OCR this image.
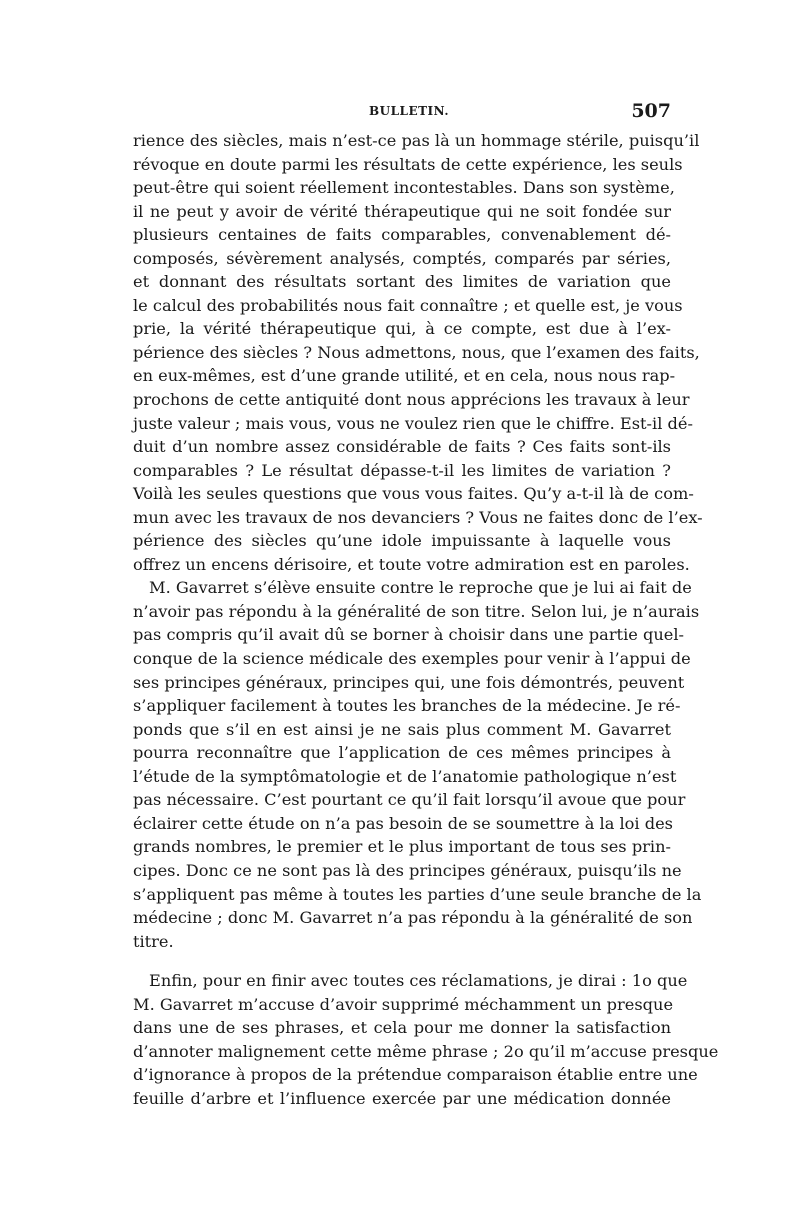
BULLETIN.	507
rience des siècles, mais n’est-ce pas là un hommage stérile, puisqu’il
révoque en doute parmi les résultats de cette expérience, les seuls
peut-être qui soient réellement incontestables. Dans son système,
il ne peut y avoir de vérité thérapeutique qui ne soit fondée sur
plusieurs centaines de faits comparables, convenablement dé-
composés, sévèrement analysés, comptés, comparés par séries,
et donnant des résultats sortant des limites de variation que
le calcul des probabilités nous fait connaître ; et quelle est, je vous
prie, la vérité thérapeutique qui, à ce compte, est due à l’ex-
périence des siècles ? Nous admettons, nous, que l’examen des faits,
en eux-mêmes, est d’une grande utilité, et en cela, nous nous rap-
prochons de cette antiquité dont nous apprécions les travaux à leur
juste valeur ; mais vous, vous ne voulez rien que le chiffre. Est-il dé-
duit d’un nombre assez considérable de faits ? Ces faits sont-ils
comparables ? Le résultat dépasse-t-il les limites de variation ?
Voilà les seules questions que vous vous faites. Qu’y a-t-il là de com-
mun avec les travaux de nos devanciers ? Vous ne faites donc de l’ex-
périence des siècles qu’une idole impuissante à laquelle vous
offrez un encens dérisoire, et toute votre admiration est en paroles.
M. Gavarret s’élève ensuite contre le reproche que je lui ai fait de
n’avoir pas répondu à la généralité de son titre. Selon lui, je n’aurais
pas compris qu’il avait dû se borner à choisir dans une partie quel-
conque de la science médicale des exemples pour venir à l’appui de
ses principes généraux, principes qui, une fois démontrés, peuvent
s’appliquer facilement à toutes les branches de la médecine. Je ré-
ponds que s’il en est ainsi je ne sais plus comment M. Gavarret
pourra reconnaître que l’application de ces mêmes principes à
l’étude de la symptômatologie et de l’anatomie pathologique n’est
pas nécessaire. C’est pourtant ce qu’il fait lorsqu’il avoue que pour
éclairer cette étude on n’a pas besoin de se soumettre à la loi des
grands nombres, le premier et le plus important de tous ses prin-
cipes. Donc ce ne sont pas là des principes généraux, puisqu’ils ne
s’appliquent pas même à toutes les parties d’une seule branche de la
médecine ; donc M. Gavarret n’a pas répondu à la généralité de son
titre.
Enfin, pour en finir avec toutes ces réclamations, je dirai : 1o que
M. Gavarret m’accuse d’avoir supprimé méchamment un presque
dans une de ses phrases, et cela pour me donner la satisfaction
d’annoter malignement cette même phrase ; 2o qu’il m’accuse presque
d’ignorance à propos de la prétendue comparaison établie entre une
feuille d’arbre et l’influence exercée par une médication donnée
